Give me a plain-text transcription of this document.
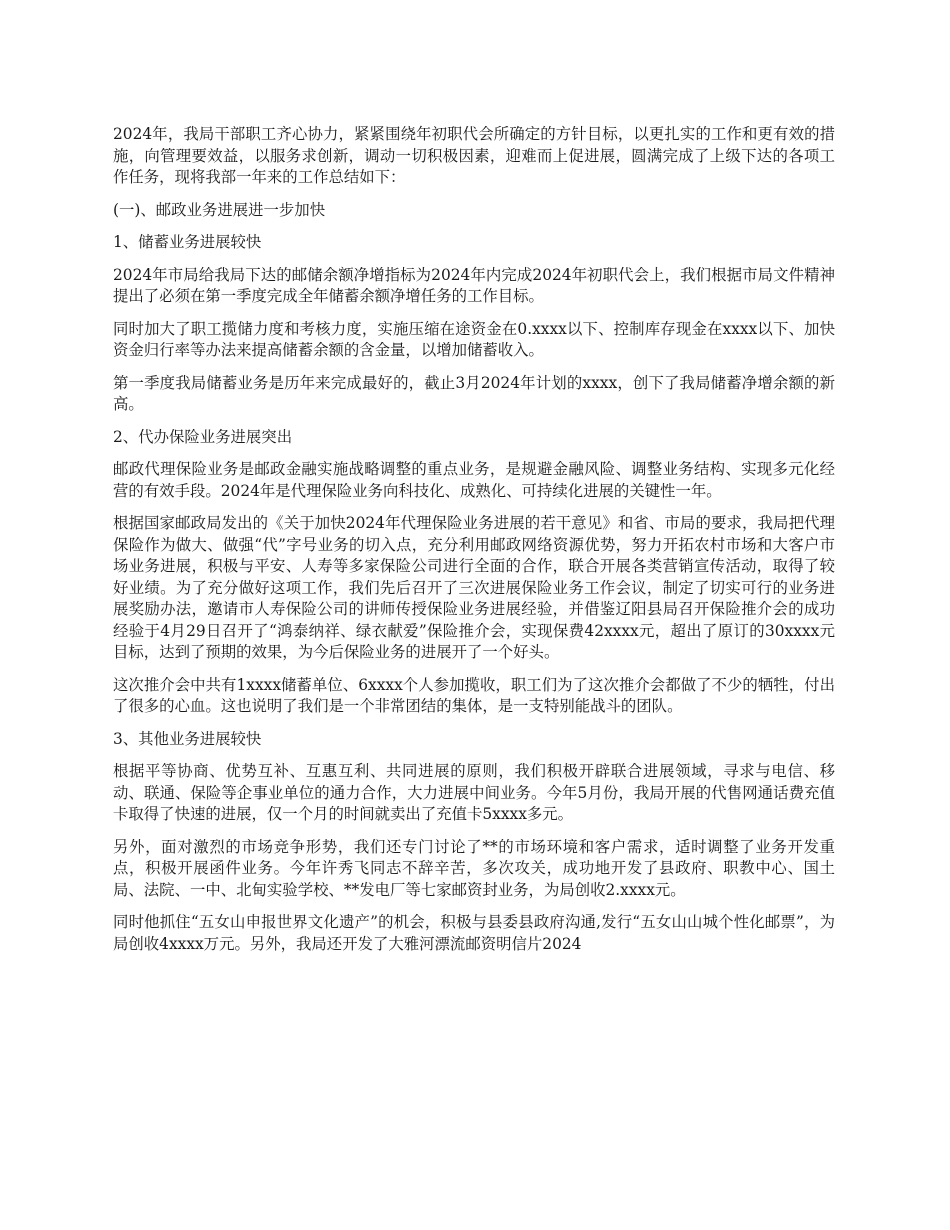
2024年，我局干部职工齐心协力，紧紧围绕年初职代会所确定的方针目标，以更扎实的工作和更有效的措施，向管理要效益，以服务求创新，调动一切积极因素，迎难而上促进展，圆满完成了上级下达的各项工作任务，现将我部一年来的工作总结如下：

(一)、邮政业务进展进一步加快

1、储蓄业务进展较快

2024年市局给我局下达的邮储余额净增指标为2024年内完成2024年初职代会上，我们根据市局文件精神提出了必须在第一季度完成全年储蓄余额净增任务的工作目标。

同时加大了职工揽储力度和考核力度，实施压缩在途资金在0.xxxx以下、控制库存现金在xxxx以下、加快资金归行率等办法来提高储蓄余额的含金量，以增加储蓄收入。

第一季度我局储蓄业务是历年来完成最好的，截止3月2024年计划的xxxx，创下了我局储蓄净增余额的新高。

2、代办保险业务进展突出

邮政代理保险业务是邮政金融实施战略调整的重点业务，是规避金融风险、调整业务结构、实现多元化经营的有效手段。2024年是代理保险业务向科技化、成熟化、可持续化进展的关键性一年。

根据国家邮政局发出的《关于加快2024年代理保险业务进展的若干意见》和省、市局的要求，我局把代理保险作为做大、做强“代”字号业务的切入点，充分利用邮政网络资源优势，努力开拓农村市场和大客户市场业务进展，积极与平安、人寿等多家保险公司进行全面的合作，联合开展各类营销宣传活动，取得了较好业绩。为了充分做好这项工作，我们先后召开了三次进展保险业务工作会议，制定了切实可行的业务进展奖励办法，邀请市人寿保险公司的讲师传授保险业务进展经验，并借鉴辽阳县局召开保险推介会的成功经验于4月29日召开了“鸿泰纳祥、绿衣献爱”保险推介会，实现保费42xxxx元，超出了原订的30xxxx元目标，达到了预期的效果，为今后保险业务的进展开了一个好头。

这次推介会中共有1xxxx储蓄单位、6xxxx个人参加揽收，职工们为了这次推介会都做了不少的牺牲，付出了很多的心血。这也说明了我们是一个非常团结的集体，是一支特别能战斗的团队。

3、其他业务进展较快

根据平等协商、优势互补、互惠互利、共同进展的原则，我们积极开辟联合进展领域，寻求与电信、移动、联通、保险等企事业单位的通力合作，大力进展中间业务。今年5月份，我局开展的代售网通话费充值卡取得了快速的进展，仅一个月的时间就卖出了充值卡5xxxx多元。

另外，面对激烈的市场竞争形势，我们还专门讨论了**的市场环境和客户需求，适时调整了业务开发重点，积极开展函件业务。今年许秀飞同志不辞辛苦，多次攻关，成功地开发了县政府、职教中心、国土局、法院、一中、北甸实验学校、**发电厂等七家邮资封业务，为局创收2.xxxx元。

同时他抓住“五女山申报世界文化遗产”的机会，积极与县委县政府沟通,发行“五女山山城个性化邮票”，为局创收4xxxx万元。另外，我局还开发了大雅河漂流邮资明信片2024
